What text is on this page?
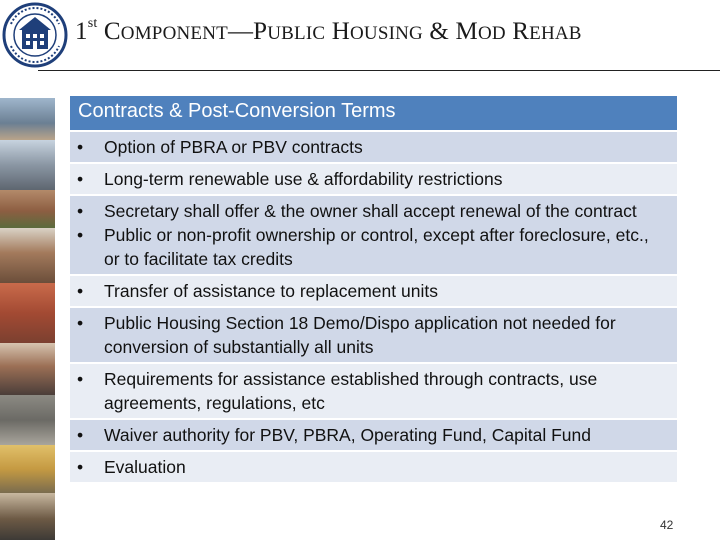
1st COMPONENT—PUBLIC HOUSING & MOD REHAB
Contracts & Post-Conversion Terms
•	Option of PBRA or PBV contracts
•	Long-term renewable use & affordability restrictions
•	Secretary shall offer & the owner shall accept renewal of the contract
•	Public or non-profit ownership or control, except after foreclosure, etc., or to facilitate tax credits
•	Transfer of assistance to replacement units
•	Public Housing Section 18 Demo/Dispo application not needed for conversion of substantially all units
•	Requirements for assistance established through contracts, use agreements, regulations, etc
•	Waiver authority for PBV, PBRA, Operating Fund, Capital Fund
•	Evaluation
42
